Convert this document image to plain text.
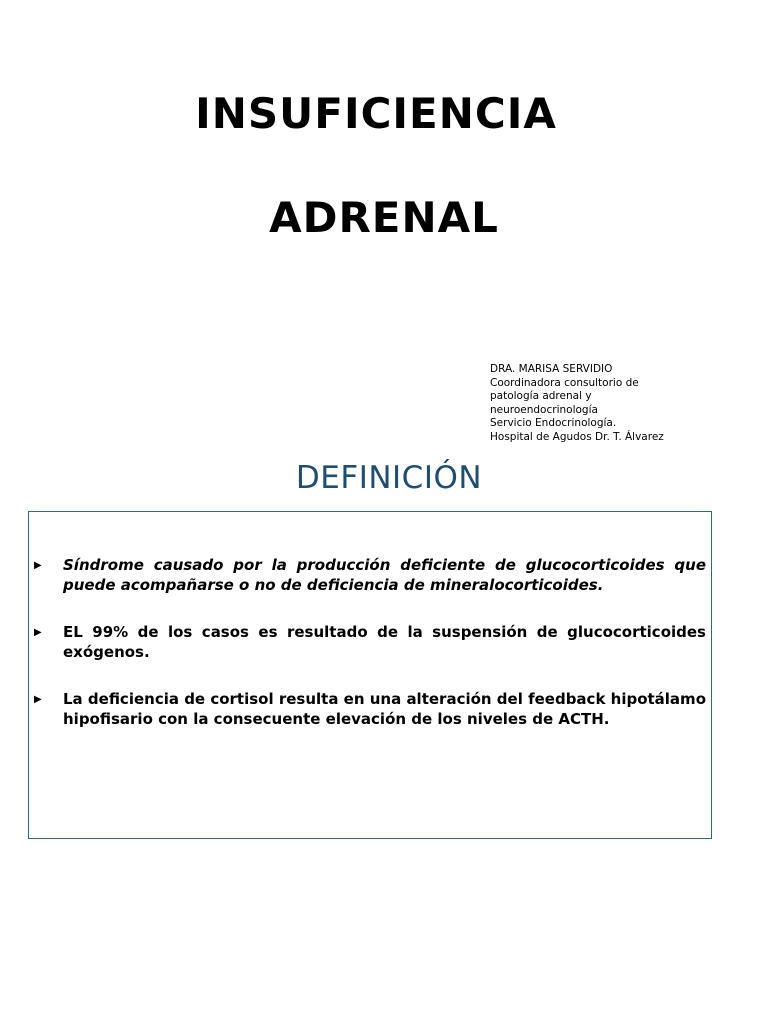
INSUFICIENCIA
ADRENAL
DRA. MARISA SERVIDIO
Coordinadora consultorio de
patología adrenal y
neuroendocrinología
Servicio Endocrinología.
Hospital de Agudos Dr. T. Álvarez
DEFINICIÓN
▶ Síndrome causado por la producción deficiente de glucocorticoides que puede acompañarse o no de deficiencia de mineralocorticoides.
▶ EL 99% de los casos es resultado de la suspensión de glucocorticoides exógenos.
▶ La deficiencia de cortisol resulta en una alteración del feedback hipotálamo hipofisario con la consecuente elevación de los niveles de ACTH.
